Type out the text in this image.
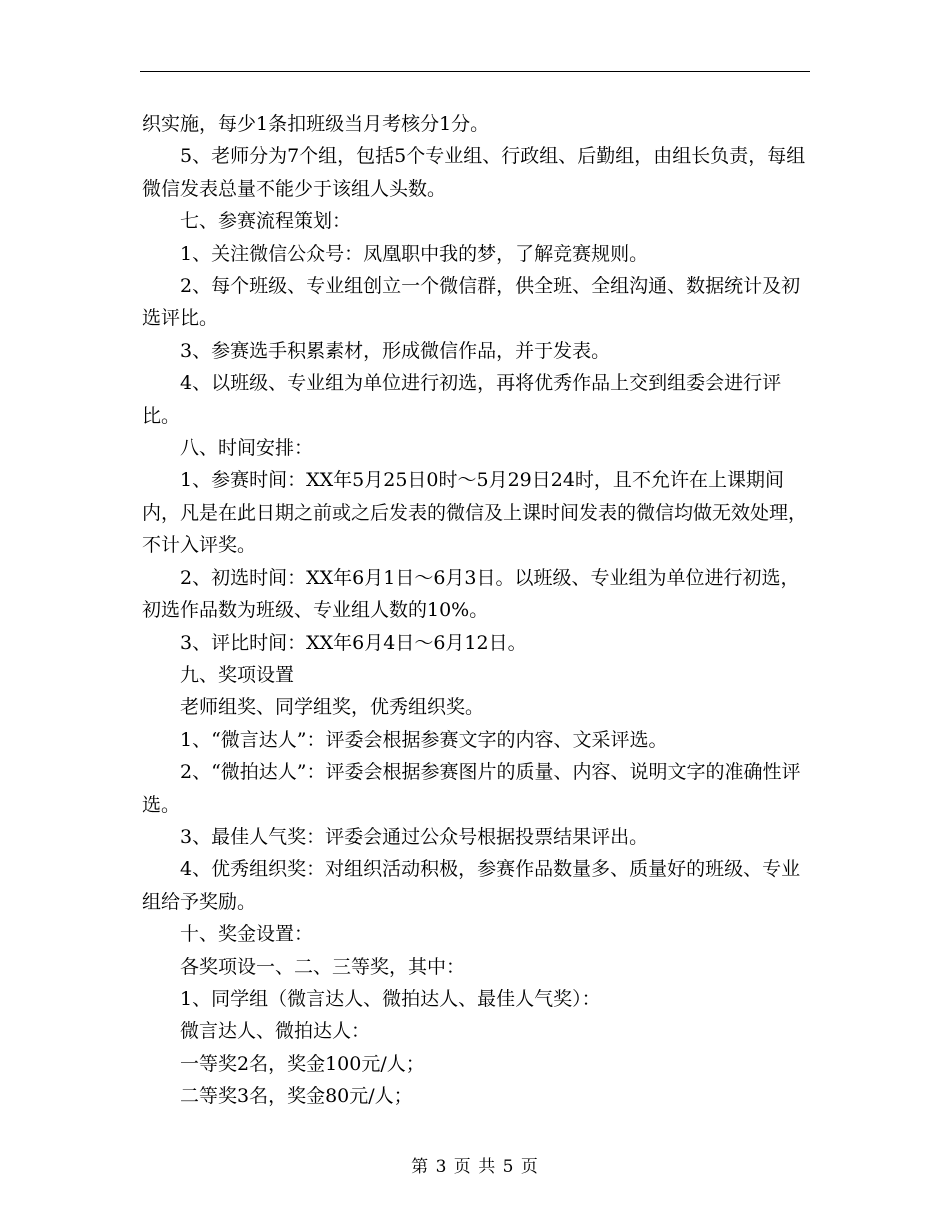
织实施，每少1条扣班级当月考核分1分。

5、老师分为7个组，包括5个专业组、行政组、后勤组，由组长负责，每组微信发表总量不能少于该组人头数。

七、参赛流程策划：

1、关注微信公众号：凤凰职中我的梦，了解竞赛规则。

2、每个班级、专业组创立一个微信群，供全班、全组沟通、数据统计及初选评比。

3、参赛选手积累素材，形成微信作品，并于发表。

4、以班级、专业组为单位进行初选，再将优秀作品上交到组委会进行评比。

八、时间安排：

1、参赛时间：XX年5月25日0时～5月29日24时，且不允许在上课期间内，凡是在此日期之前或之后发表的微信及上课时间发表的微信均做无效处理，不计入评奖。

2、初选时间：XX年6月1日～6月3日。以班级、专业组为单位进行初选，初选作品数为班级、专业组人数的10%。

3、评比时间：XX年6月4日～6月12日。

九、奖项设置

老师组奖、同学组奖，优秀组织奖。

1、“微言达人”：评委会根据参赛文字的内容、文采评选。

2、“微拍达人”：评委会根据参赛图片的质量、内容、说明文字的准确性评选。

3、最佳人气奖：评委会通过公众号根据投票结果评出。

4、优秀组织奖：对组织活动积极，参赛作品数量多、质量好的班级、专业组给予奖励。

十、奖金设置：

各奖项设一、二、三等奖，其中：

1、同学组（微言达人、微拍达人、最佳人气奖）：

微言达人、微拍达人：

一等奖2名，奖金100元/人；

二等奖3名，奖金80元/人；

第 3 页 共 5 页
